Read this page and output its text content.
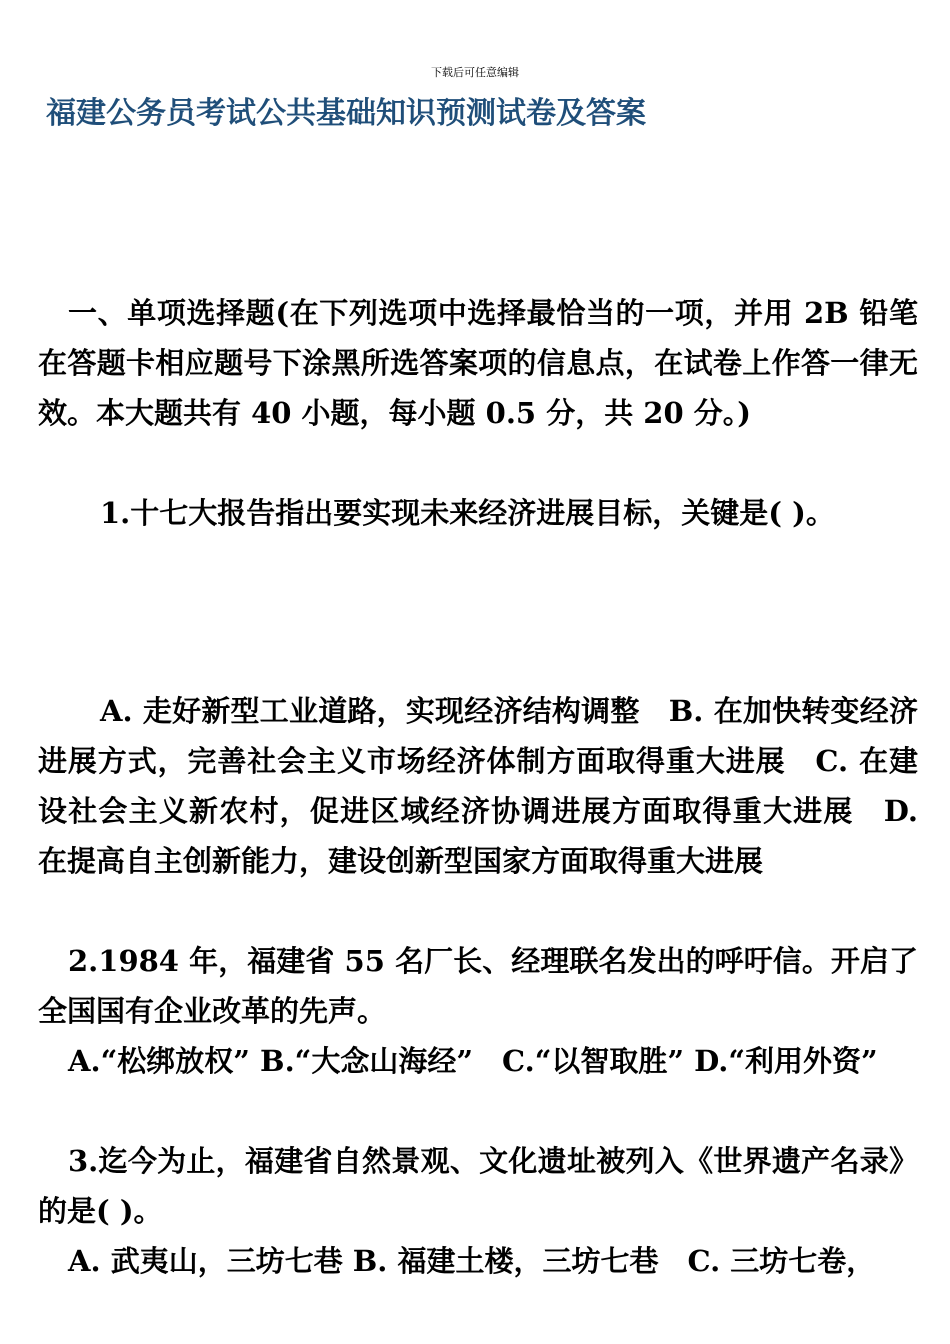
下载后可任意编辑
福建公务员考试公共基础知识预测试卷及答案

一、单项选择题(在下列选项中选择最恰当的一项，并用 2B 铅笔在答题卡相应题号下涂黑所选答案项的信息点，在试卷上作答一律无效。本大题共有 40 小题，每小题 0.5 分，共 20 分。)

1.十七大报告指出要实现未来经济进展目标，关键是( )。

A. 走好新型工业道路，实现经济结构调整　B. 在加快转变经济进展方式，完善社会主义市场经济体制方面取得重大进展　C. 在建设社会主义新农村，促进区域经济协调进展方面取得重大进展　D. 在提高自主创新能力，建设创新型国家方面取得重大进展

2.1984 年，福建省 55 名厂长、经理联名发出的呼吁信。开启了全国国有企业改革的先声。

A.“松绑放权” B.“大念山海经”　C.“以智取胜” D.“利用外资”

3.迄今为止，福建省自然景观、文化遗址被列入《世界遗产名录》的是( )。

A. 武夷山，三坊七巷 B. 福建土楼，三坊七巷　C. 三坊七卷，
